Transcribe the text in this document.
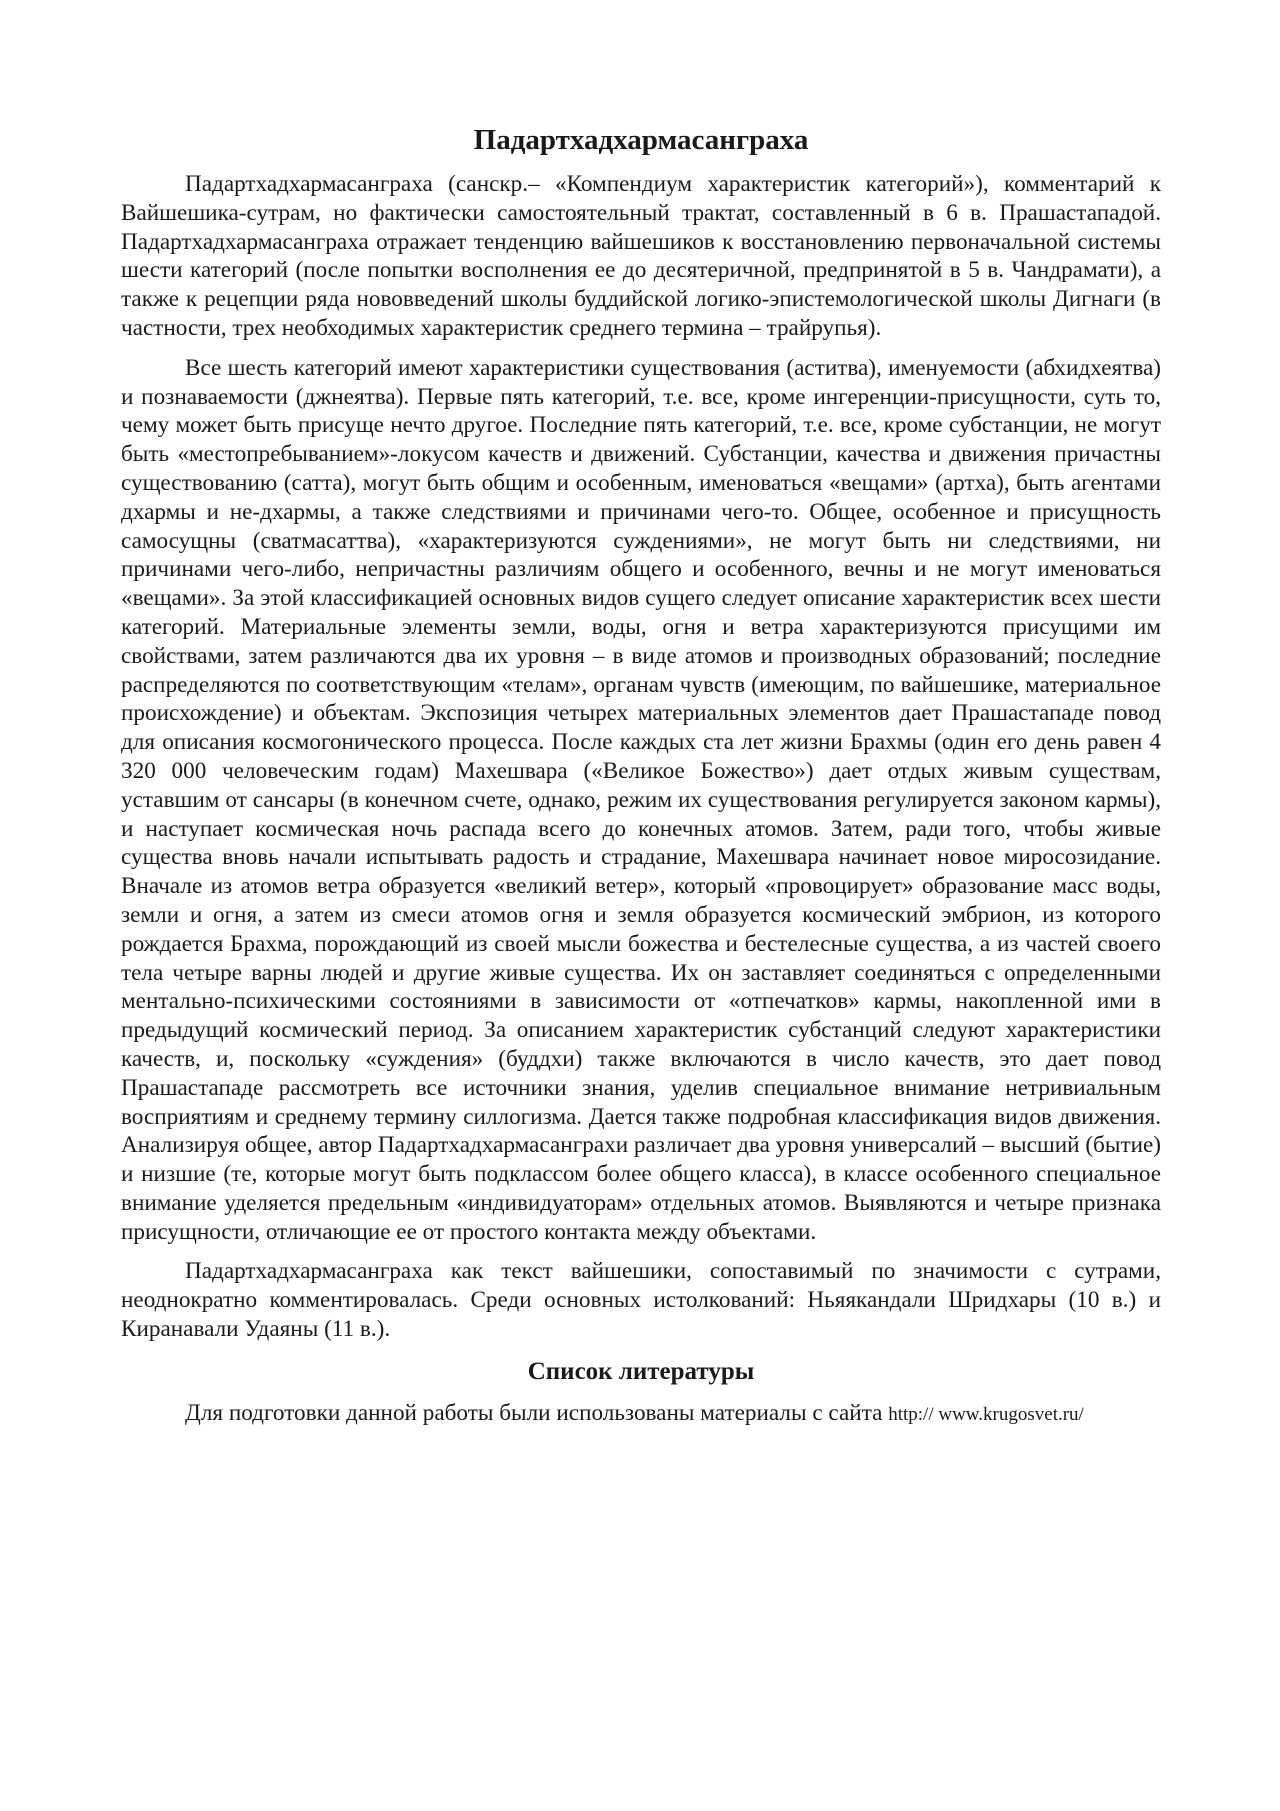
Падартхадхармасанграха

Падартхадхармасанграха (санскр.– «Компендиум характеристик категорий»), комментарий к Вайшешика-сутрам, но фактически самостоятельный трактат, составленный в 6 в. Прашастападой. Падартхадхармасанграха отражает тенденцию вайшешиков к восстановлению первоначальной системы шести категорий (после попытки восполнения ее до десятеричной, предпринятой в 5 в. Чандрамати), а также к рецепции ряда нововведений школы буддийской логико-эпистемологической школы Дигнаги (в частности, трех необходимых характеристик среднего термина – трайрупья).

Все шесть категорий имеют характеристики существования (аститва), именуемости (абхидхеятва) и познаваемости (джнеятва). Первые пять категорий, т.е. все, кроме ингеренции-присущности, суть то, чему может быть присуще нечто другое. Последние пять категорий, т.е. все, кроме субстанции, не могут быть «местопребыванием»-локусом качеств и движений. Субстанции, качества и движения причастны существованию (сатта), могут быть общим и особенным, именоваться «вещами» (артха), быть агентами дхармы и не-дхармы, а также следствиями и причинами чего-то. Общее, особенное и присущность самосущны (сватмасаттва), «характеризуются суждениями», не могут быть ни следствиями, ни причинами чего-либо, непричастны различиям общего и особенного, вечны и не могут именоваться «вещами». За этой классификацией основных видов сущего следует описание характеристик всех шести категорий. Материальные элементы земли, воды, огня и ветра характеризуются присущими им свойствами, затем различаются два их уровня – в виде атомов и производных образований; последние распределяются по соответствующим «телам», органам чувств (имеющим, по вайшешике, материальное происхождение) и объектам. Экспозиция четырех материальных элементов дает Прашастападе повод для описания космогонического процесса. После каждых ста лет жизни Брахмы (один его день равен 4 320 000 человеческим годам) Махешвара («Великое Божество») дает отдых живым существам, уставшим от сансары (в конечном счете, однако, режим их существования регулируется законом кармы), и наступает космическая ночь распада всего до конечных атомов. Затем, ради того, чтобы живые существа вновь начали испытывать радость и страдание, Махешвара начинает новое миросозидание. Вначале из атомов ветра образуется «великий ветер», который «провоцирует» образование масс воды, земли и огня, а затем из смеси атомов огня и земля образуется космический эмбрион, из которого рождается Брахма, порождающий из своей мысли божества и бестелесные существа, а из частей своего тела четыре варны людей и другие живые существа. Их он заставляет соединяться с определенными ментально-психическими состояниями в зависимости от «отпечатков» кармы, накопленной ими в предыдущий космический период. За описанием характеристик субстанций следуют характеристики качеств, и, поскольку «суждения» (буддхи) также включаются в число качеств, это дает повод Прашастападе рассмотреть все источники знания, уделив специальное внимание нетривиальным восприятиям и среднему термину силлогизма. Дается также подробная классификация видов движения. Анализируя общее, автор Падартхадхармасанграхи различает два уровня универсалий – высший (бытие) и низшие (те, которые могут быть подклассом более общего класса), в классе особенного специальное внимание уделяется предельным «индивидуаторам» отдельных атомов. Выявляются и четыре признака присущности, отличающие ее от простого контакта между объектами.

Падартхадхармасанграха как текст вайшешики, сопоставимый по значимости с сутрами, неоднократно комментировалась. Среди основных истолкований: Ньяякандали Шридхары (10 в.) и Киранавали Удаяны (11 в.).

Список литературы

Для подготовки данной работы были использованы материалы с сайта http:// www.krugosvet.ru/
